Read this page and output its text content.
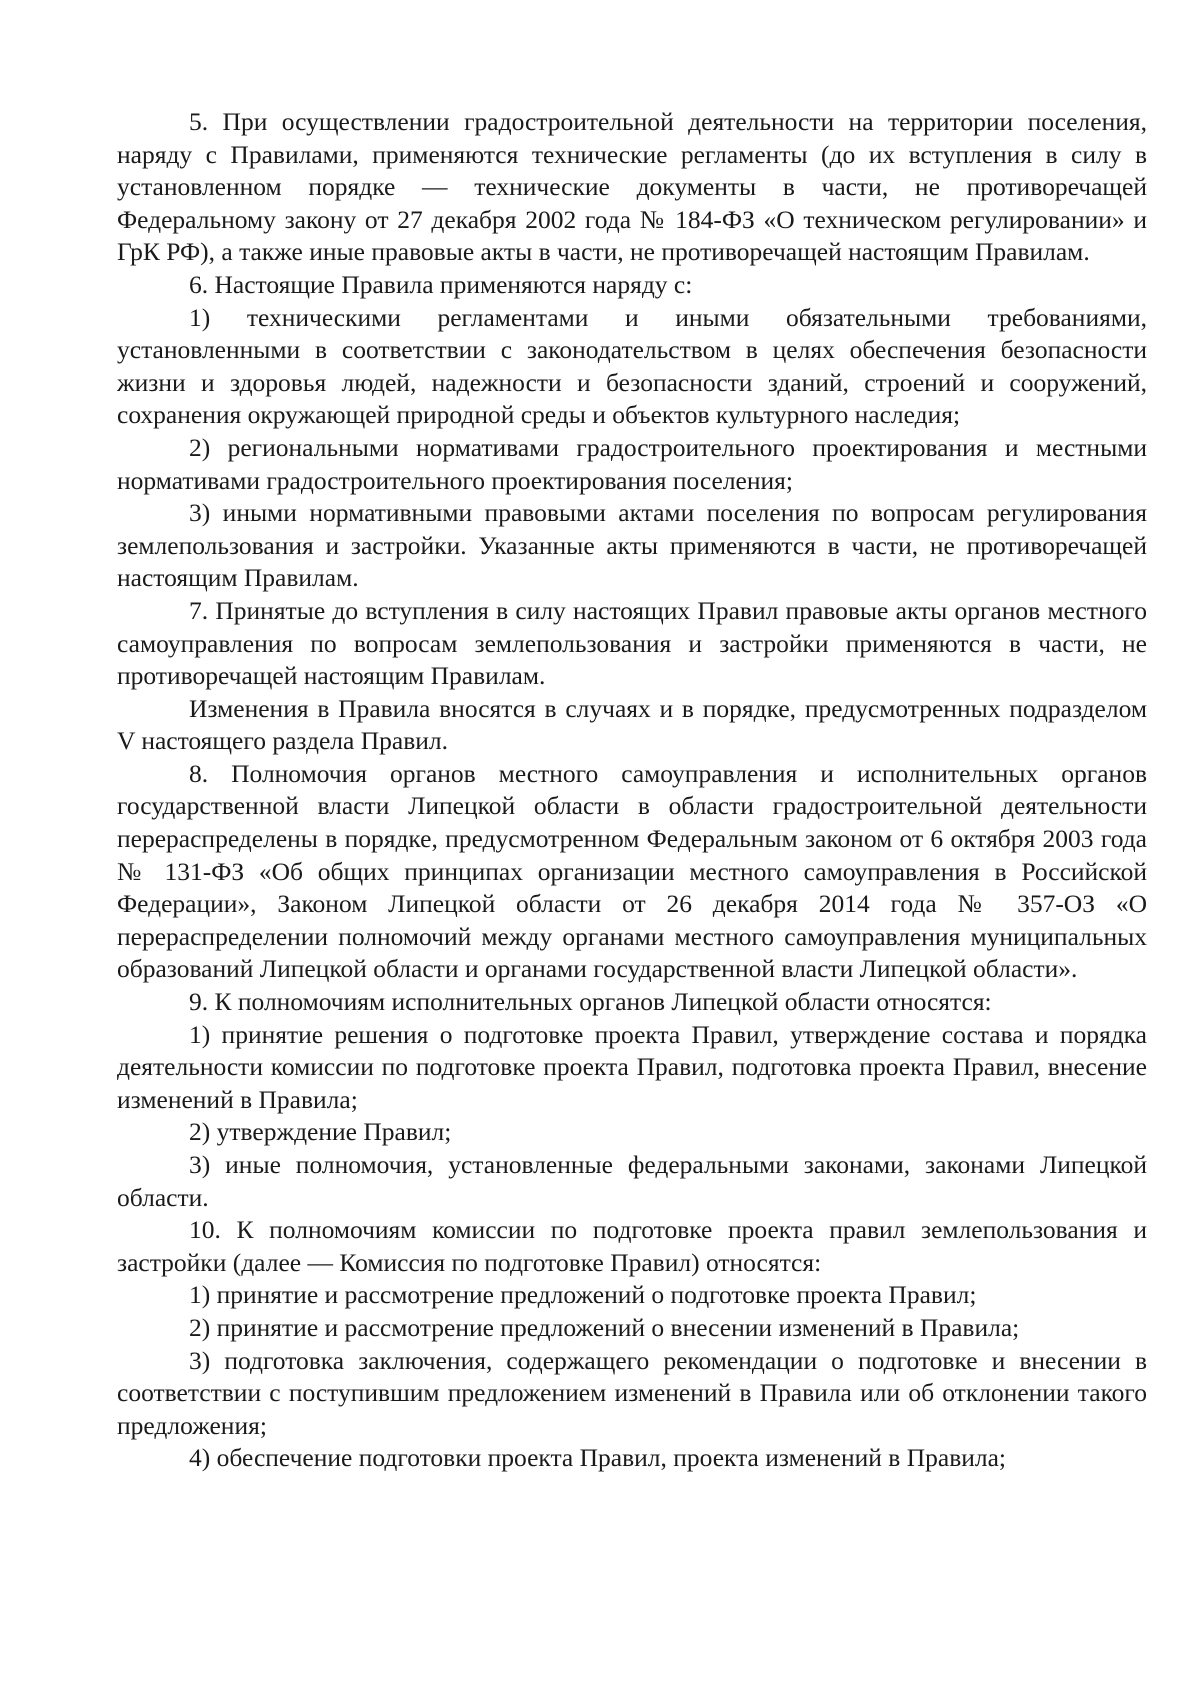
5. При осуществлении градостроительной деятельности на территории поселения, наряду с Правилами, применяются технические регламенты (до их вступления в силу в установленном порядке — технические документы в части, не противоречащей Федеральному закону от 27 декабря 2002 года № 184-ФЗ «О техническом регулировании» и ГрК РФ), а также иные правовые акты в части, не противоречащей настоящим Правилам.

6. Настоящие Правила применяются наряду с:

1) техническими регламентами и иными обязательными требованиями, установленными в соответствии с законодательством в целях обеспечения безопасности жизни и здоровья людей, надежности и безопасности зданий, строений и сооружений, сохранения окружающей природной среды и объектов культурного наследия;

2) региональными нормативами градостроительного проектирования и местными нормативами градостроительного проектирования поселения;

3) иными нормативными правовыми актами поселения по вопросам регулирования землепользования и застройки. Указанные акты применяются в части, не противоречащей настоящим Правилам.

7. Принятые до вступления в силу настоящих Правил правовые акты органов местного самоуправления по вопросам землепользования и застройки применяются в части, не противоречащей настоящим Правилам.

Изменения в Правила вносятся в случаях и в порядке, предусмотренных подразделом V настоящего раздела Правил.

8. Полномочия органов местного самоуправления и исполнительных органов государственной власти Липецкой области в области градостроительной деятельности перераспределены в порядке, предусмотренном Федеральным законом от 6 октября 2003 года № 131-ФЗ «Об общих принципах организации местного самоуправления в Российской Федерации», Законом Липецкой области от 26 декабря 2014 года № 357-ОЗ «О перераспределении полномочий между органами местного самоуправления муниципальных образований Липецкой области и органами государственной власти Липецкой области».

9. К полномочиям исполнительных органов Липецкой области относятся:

1) принятие решения о подготовке проекта Правил, утверждение состава и порядка деятельности комиссии по подготовке проекта Правил, подготовка проекта Правил, внесение изменений в Правила;

2) утверждение Правил;

3) иные полномочия, установленные федеральными законами, законами Липецкой области.

10. К полномочиям комиссии по подготовке проекта правил землепользования и застройки (далее — Комиссия по подготовке Правил) относятся:

1) принятие и рассмотрение предложений о подготовке проекта Правил;

2) принятие и рассмотрение предложений о внесении изменений в Правила;

3) подготовка заключения, содержащего рекомендации о подготовке и внесении в соответствии с поступившим предложением изменений в Правила или об отклонении такого предложения;

4) обеспечение подготовки проекта Правил, проекта изменений в Правила;
